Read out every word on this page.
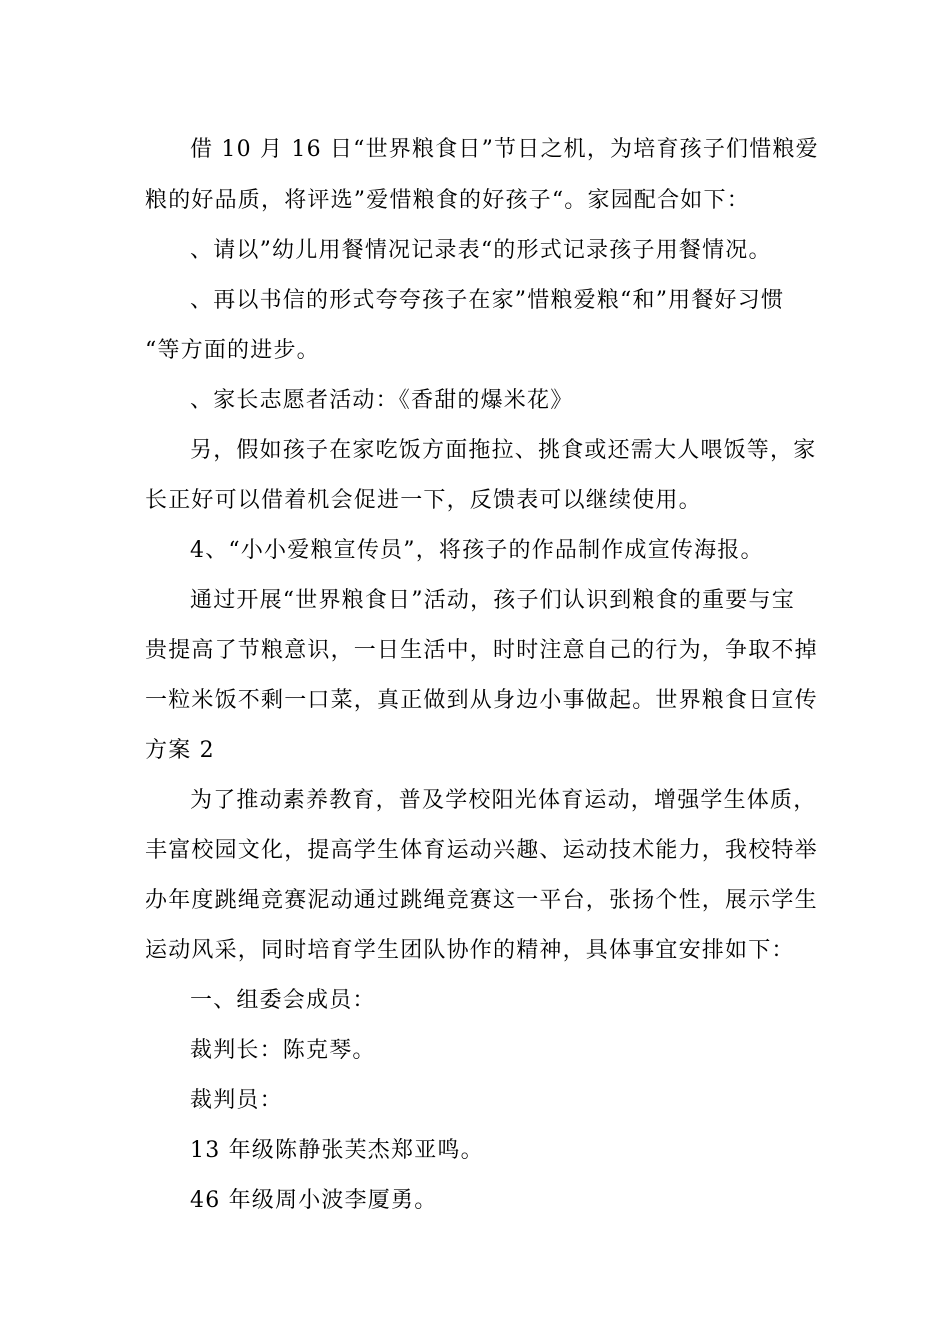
借 10 月 16 日“世界粮食日”节日之机，为培育孩子们惜粮爱
粮的好品质，将评选”爱惜粮食的好孩子“。家园配合如下：
、请以”幼儿用餐情况记录表“的形式记录孩子用餐情况。
、再以书信的形式夸夸孩子在家”惜粮爱粮“和”用餐好习惯
“等方面的进步。
、家长志愿者活动：《香甜的爆米花》
另，假如孩子在家吃饭方面拖拉、挑食或还需大人喂饭等，家
长正好可以借着机会促进一下，反馈表可以继续使用。
4、“小小爱粮宣传员”，将孩子的作品制作成宣传海报。
通过开展“世界粮食日”活动，孩子们认识到粮食的重要与宝
贵提高了节粮意识，一日生活中，时时注意自己的行为，争取不掉
一粒米饭不剩一口菜，真正做到从身边小事做起。世界粮食日宣传
方案 2
为了推动素养教育，普及学校阳光体育运动，增强学生体质，
丰富校园文化，提高学生体育运动兴趣、运动技术能力，我校特举
办年度跳绳竞赛泥动通过跳绳竞赛这一平台，张扬个性，展示学生
运动风采，同时培育学生团队协作的精神，具体事宜安排如下：
一、组委会成员：
裁判长：陈克琴。
裁判员：
13 年级陈静张芙杰郑亚鸣。
46 年级周小波李厦勇。
